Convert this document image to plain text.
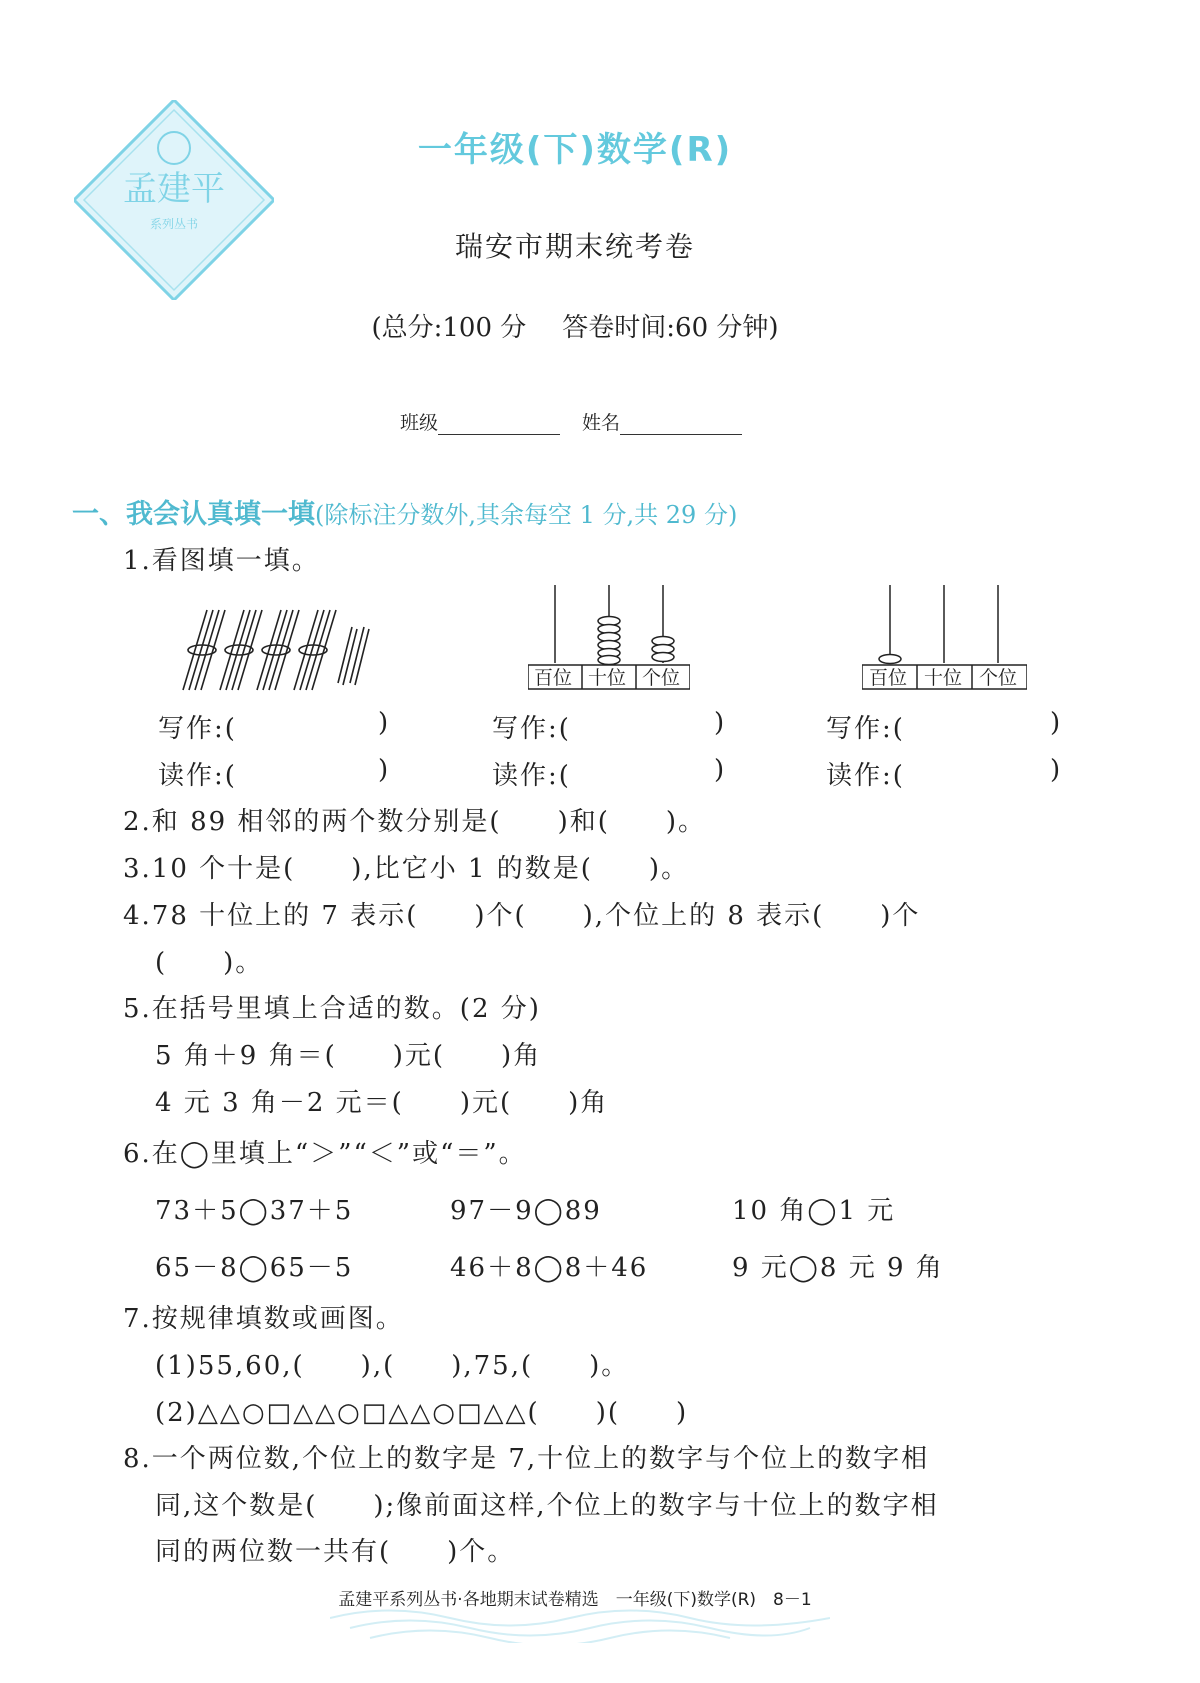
孟建平
系列丛书
一年级(下)数学(R)
瑞安市期末统考卷
(总分:100 分 答卷时间:60 分钟)
班级	姓名
一、我会认真填一填(除标注分数外,其余每空 1 分,共 29 分)
1.看图填一填。
百位 十位 个位	百位 十位 个位
写作:(	)	写作:(	)	写作:(	)
读作:(	)	读作:(	)	读作:(	)
2.和 89 相邻的两个数分别是(　　)和(　　)。
3.10 个十是(　　),比它小 1 的数是(　　)。
4.78 十位上的 7 表示(　　)个(　　),个位上的 8 表示(　　)个
(　　)。
5.在括号里填上合适的数。(2 分)
5 角＋9 角＝(　　)元(　　)角
4 元 3 角－2 元＝(　　)元(　　)角
6.在◯里填上“＞”“＜”或“＝”。
73＋5◯37＋5	97－9◯89	10 角◯1 元
65－8◯65－5	46＋8◯8＋46	9 元◯8 元 9 角
7.按规律填数或画图。
(1)55,60,(　　),(　　),75,(　　)。
(2)△△○□△△○□△△○□△△(　　)(　　)
8.一个两位数,个位上的数字是 7,十位上的数字与个位上的数字相
同,这个数是(　　);像前面这样,个位上的数字与十位上的数字相
同的两位数一共有(　　)个。
孟建平系列丛书·各地期末试卷精选　一年级(下)数学(R)　8－1
